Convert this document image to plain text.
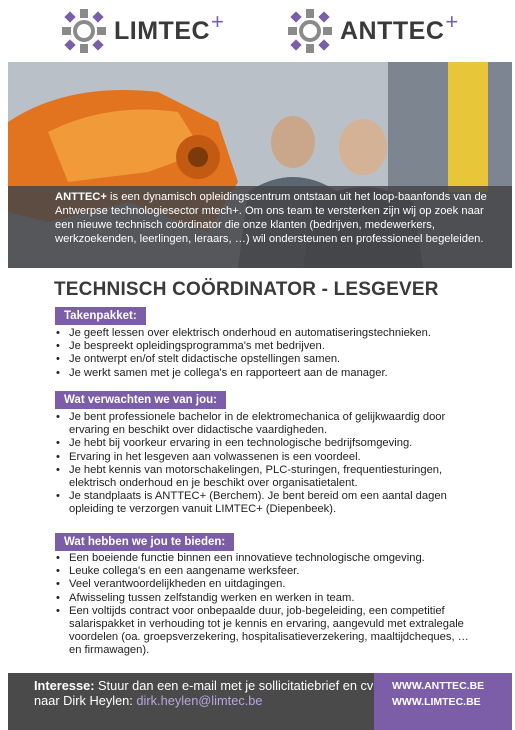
LIMTEC +	ANTTEC +

ANTTEC+ is een dynamisch opleidingscentrum ontstaan uit het loop-baanfonds van de Antwerpse technologiesector mtech+. Om ons team te versterken zijn wij op zoek naar een nieuwe technisch coördinator die onze klanten (bedrijven, medewerkers, werkzoekenden, leerlingen, leraars, …) wil ondersteunen en professioneel begeleiden.

TECHNISCH COÖRDINATOR - LESGEVER
Takenpakket:
• Je geeft lessen over elektrisch onderhoud en automatiseringstechnieken.
• Je bespreekt opleidingsprogramma's met bedrijven.
• Je ontwerpt en/of stelt didactische opstellingen samen.
• Je werkt samen met je collega's en rapporteert aan de manager.
Wat verwachten we van jou:
• Je bent professionele bachelor in de elektromechanica of gelijkwaardig door ervaring en beschikt over didactische vaardigheden.
• Je hebt bij voorkeur ervaring in een technologische bedrijfsomgeving.
• Ervaring in het lesgeven aan volwassenen is een voordeel.
• Je hebt kennis van motorschakelingen, PLC-sturingen, frequentiesturingen, elektrisch onderhoud en je beschikt over organisatietalent.
• Je standplaats is ANTTEC+ (Berchem). Je bent bereid om een aantal dagen opleiding te verzorgen vanuit LIMTEC+ (Diepenbeek).
Wat hebben we jou te bieden:
• Een boeiende functie binnen een innovatieve technologische omgeving.
• Leuke collega's en een aangename werksfeer.
• Veel verantwoordelijkheden en uitdagingen.
• Afwisseling tussen zelfstandig werken en werken in team.
• Een voltijds contract voor onbepaalde duur, job-begeleiding, een competitief salarispakket in verhouding tot je kennis en ervaring, aangevuld met extralegale voordelen (oa. groepsverzekering, hospitalisatieverzekering, maaltijdcheques, … en firmawagen).

Interesse: Stuur dan een e-mail met je sollicitatiebrief en cv naar Dirk Heylen: dirk.heylen@limtec.be

WWW.ANTTEC.BE
WWW.LIMTEC.BE
